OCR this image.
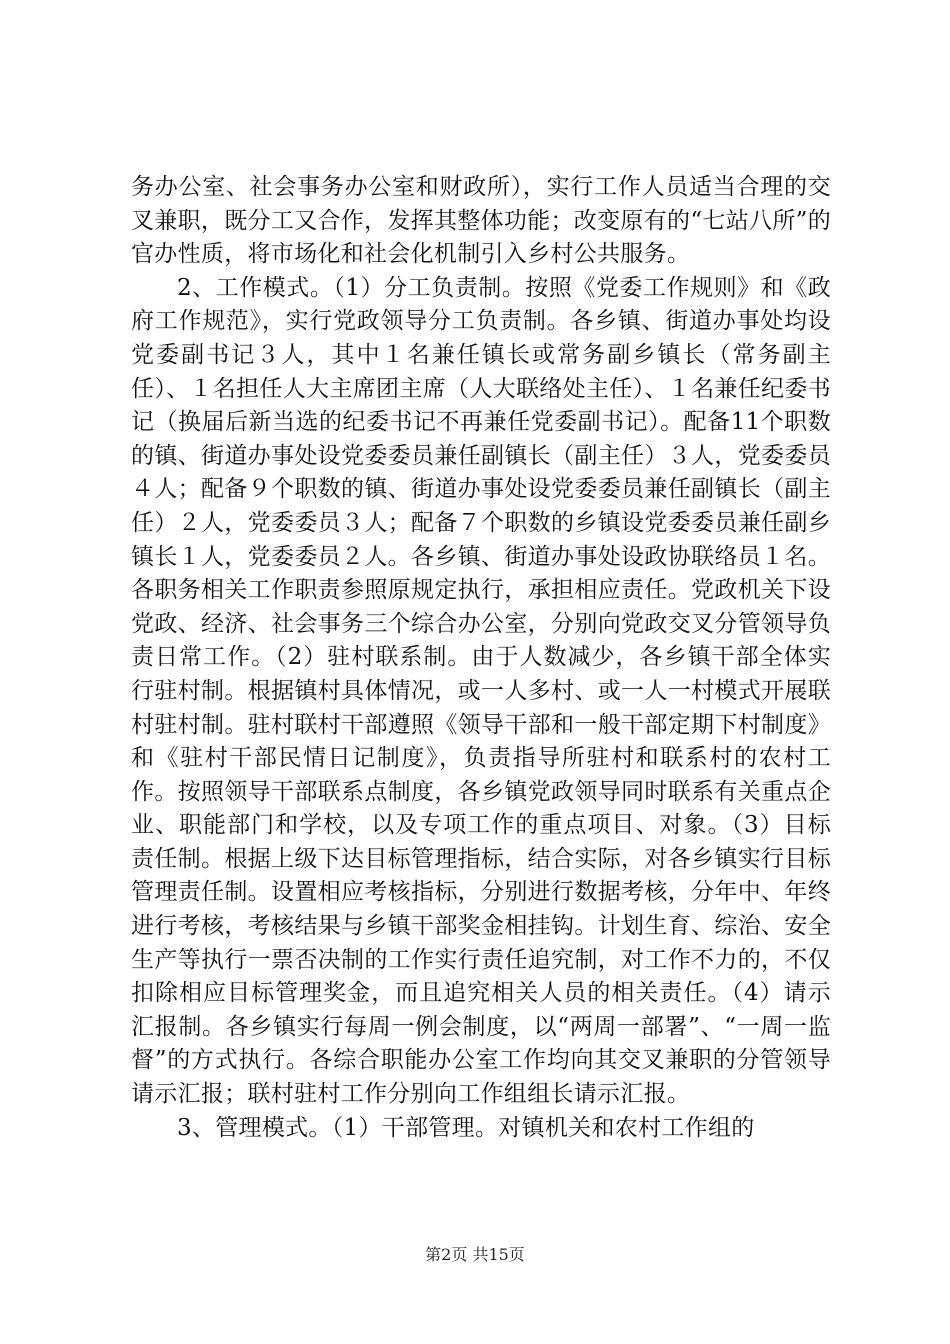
务办公室、社会事务办公室和财政所），实行工作人员适当合理的交叉兼职，既分工又合作，发挥其整体功能；改变原有的“七站八所”的官办性质，将市场化和社会化机制引入乡村公共服务。

2、工作模式。（1）分工负责制。按照《党委工作规则》和《政府工作规范》，实行党政领导分工负责制。各乡镇、街道办事处均设党委副书记３人，其中１名兼任镇长或常务副乡镇长（常务副主任）、１名担任人大主席团主席（人大联络处主任）、１名兼任纪委书记（换届后新当选的纪委书记不再兼任党委副书记）。配备11个职数的镇、街道办事处设党委委员兼任副镇长（副主任）３人，党委委员４人；配备９个职数的镇、街道办事处设党委委员兼任副镇长（副主任）２人，党委委员３人；配备７个职数的乡镇设党委委员兼任副乡镇长１人，党委委员２人。各乡镇、街道办事处设政协联络员１名。各职务相关工作职责参照原规定执行，承担相应责任。党政机关下设党政、经济、社会事务三个综合办公室，分别向党政交叉分管领导负责日常工作。（2）驻村联系制。由于人数减少，各乡镇干部全体实行驻村制。根据镇村具体情况，或一人多村、或一人一村模式开展联村驻村制。驻村联村干部遵照《领导干部和一般干部定期下村制度》和《驻村干部民情日记制度》，负责指导所驻村和联系村的农村工作。按照领导干部联系点制度，各乡镇党政领导同时联系有关重点企业、职能部门和学校，以及专项工作的重点项目、对象。（3）目标责任制。根据上级下达目标管理指标，结合实际，对各乡镇实行目标管理责任制。设置相应考核指标，分别进行数据考核，分年中、年终进行考核，考核结果与乡镇干部奖金相挂钩。计划生育、综治、安全生产等执行一票否决制的工作实行责任追究制，对工作不力的，不仅扣除相应目标管理奖金，而且追究相关人员的相关责任。（4）请示汇报制。各乡镇实行每周一例会制度，以“两周一部署”、“一周一监督”的方式执行。各综合职能办公室工作均向其交叉兼职的分管领导请示汇报；联村驻村工作分别向工作组组长请示汇报。

3、管理模式。（1）干部管理。对镇机关和农村工作组的

第2页 共15页
